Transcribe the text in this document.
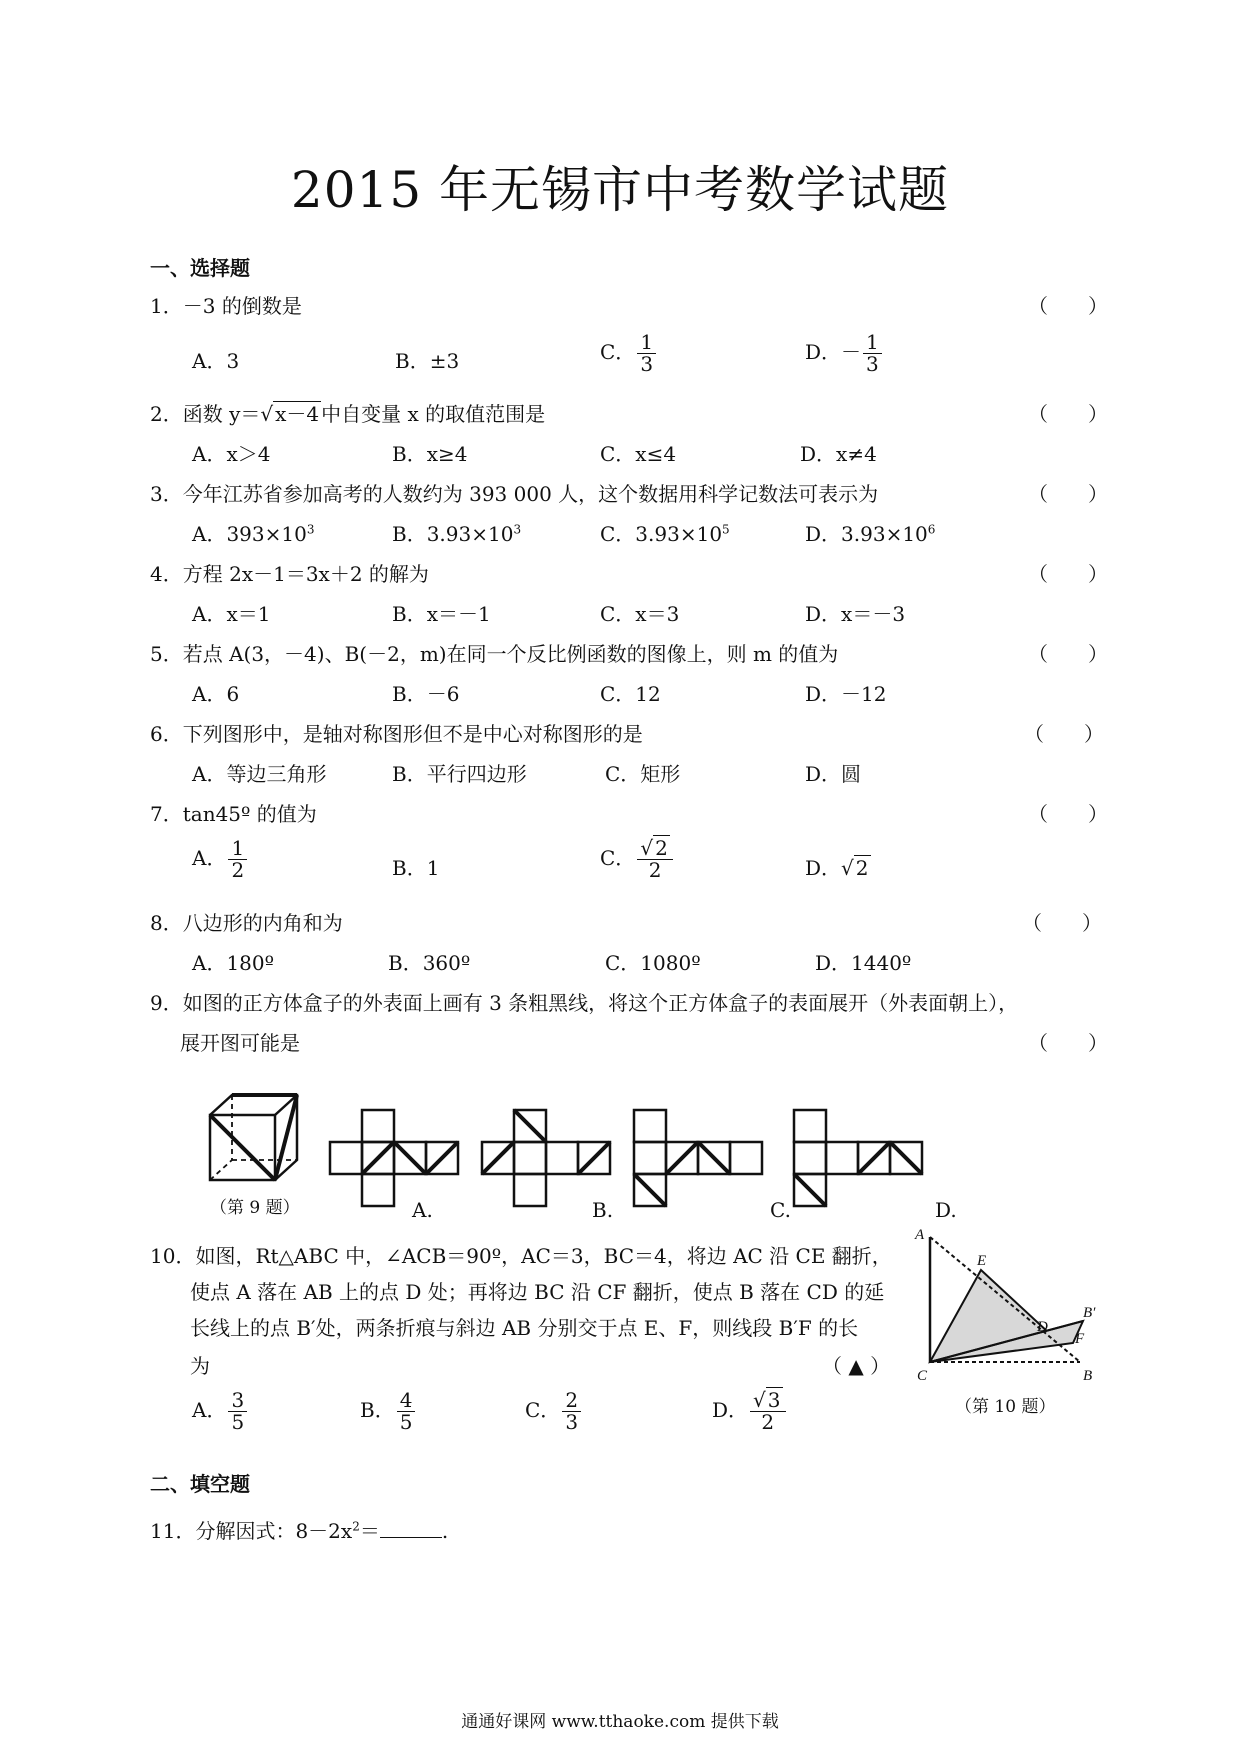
2015 年无锡市中考数学试题
一、选择题
1．－3 的倒数是	（　　）
A．3	B．±3	C． $\frac{1}{3}$	D．－ $\frac{1}{3}$
2．函数 y＝√ x－4 中自变量 x 的取值范围是	（　　）
A．x＞4	B．x≥4	C．x≤4	D．x≠4
3．今年江苏省参加高考的人数约为 393 000 人，这个数据用科学记数法可表示为	（　　）
A．$393\times 10^3$	B．$3.93\times 10^3$	C．$3.93\times 10^5$	D．$3.93\times 10^6$
4．方程 2x－1＝3x＋2 的解为	（　　）
A．x＝1	B．x＝－1	C．x＝3	D．x＝－3
5．若点 A(3，－4)、B(－2，m)在同一个反比例函数的图像上，则 m 的值为	（　　）
A．6	B．－6	C．12	D．－12
6．下列图形中，是轴对称图形但不是中心对称图形的是	（　　）
A．等边三角形	B．平行四边形	C．矩形	D．圆
7．tan45º 的值为	（　　）
A． $\frac{1}{2}$	B．1	C． $\frac{√ 2}{2}$	D．√ 2
8．八边形的内角和为	（　　）
A．180º	B．360º	C．1080º	D．1440º
9．如图的正方体盒子的外表面上画有 3 条粗黑线，将这个正方体盒子的表面展开（外表面朝上），
展开图可能是	（　　）
（第 9 题）	A.	B.	C.	D.
10．如图，Rt△ABC 中，∠ACB＝90º，AC＝3，BC＝4，将边 AC 沿 CE 翻折，
使点 A 落在 AB 上的点 D 处；再将边 BC 沿 CF 翻折，使点 B 落在 CD 的延
长线上的点 B′处，两条折痕与斜边 AB 分别交于点 E、F，则线段 B′F 的长
为	（ ▲ ）
A． $\frac{3}{5}$	B． $\frac{4}{5}$	C． $\frac{2}{3}$	D． $\frac{√ 3}{2}$
A
E
D
B′
F
C	B
（第 10 题）
二、填空题
11．分解因式：$8-2x^2=$	.
通通好课网 www.tthaoke.com 提供下载
